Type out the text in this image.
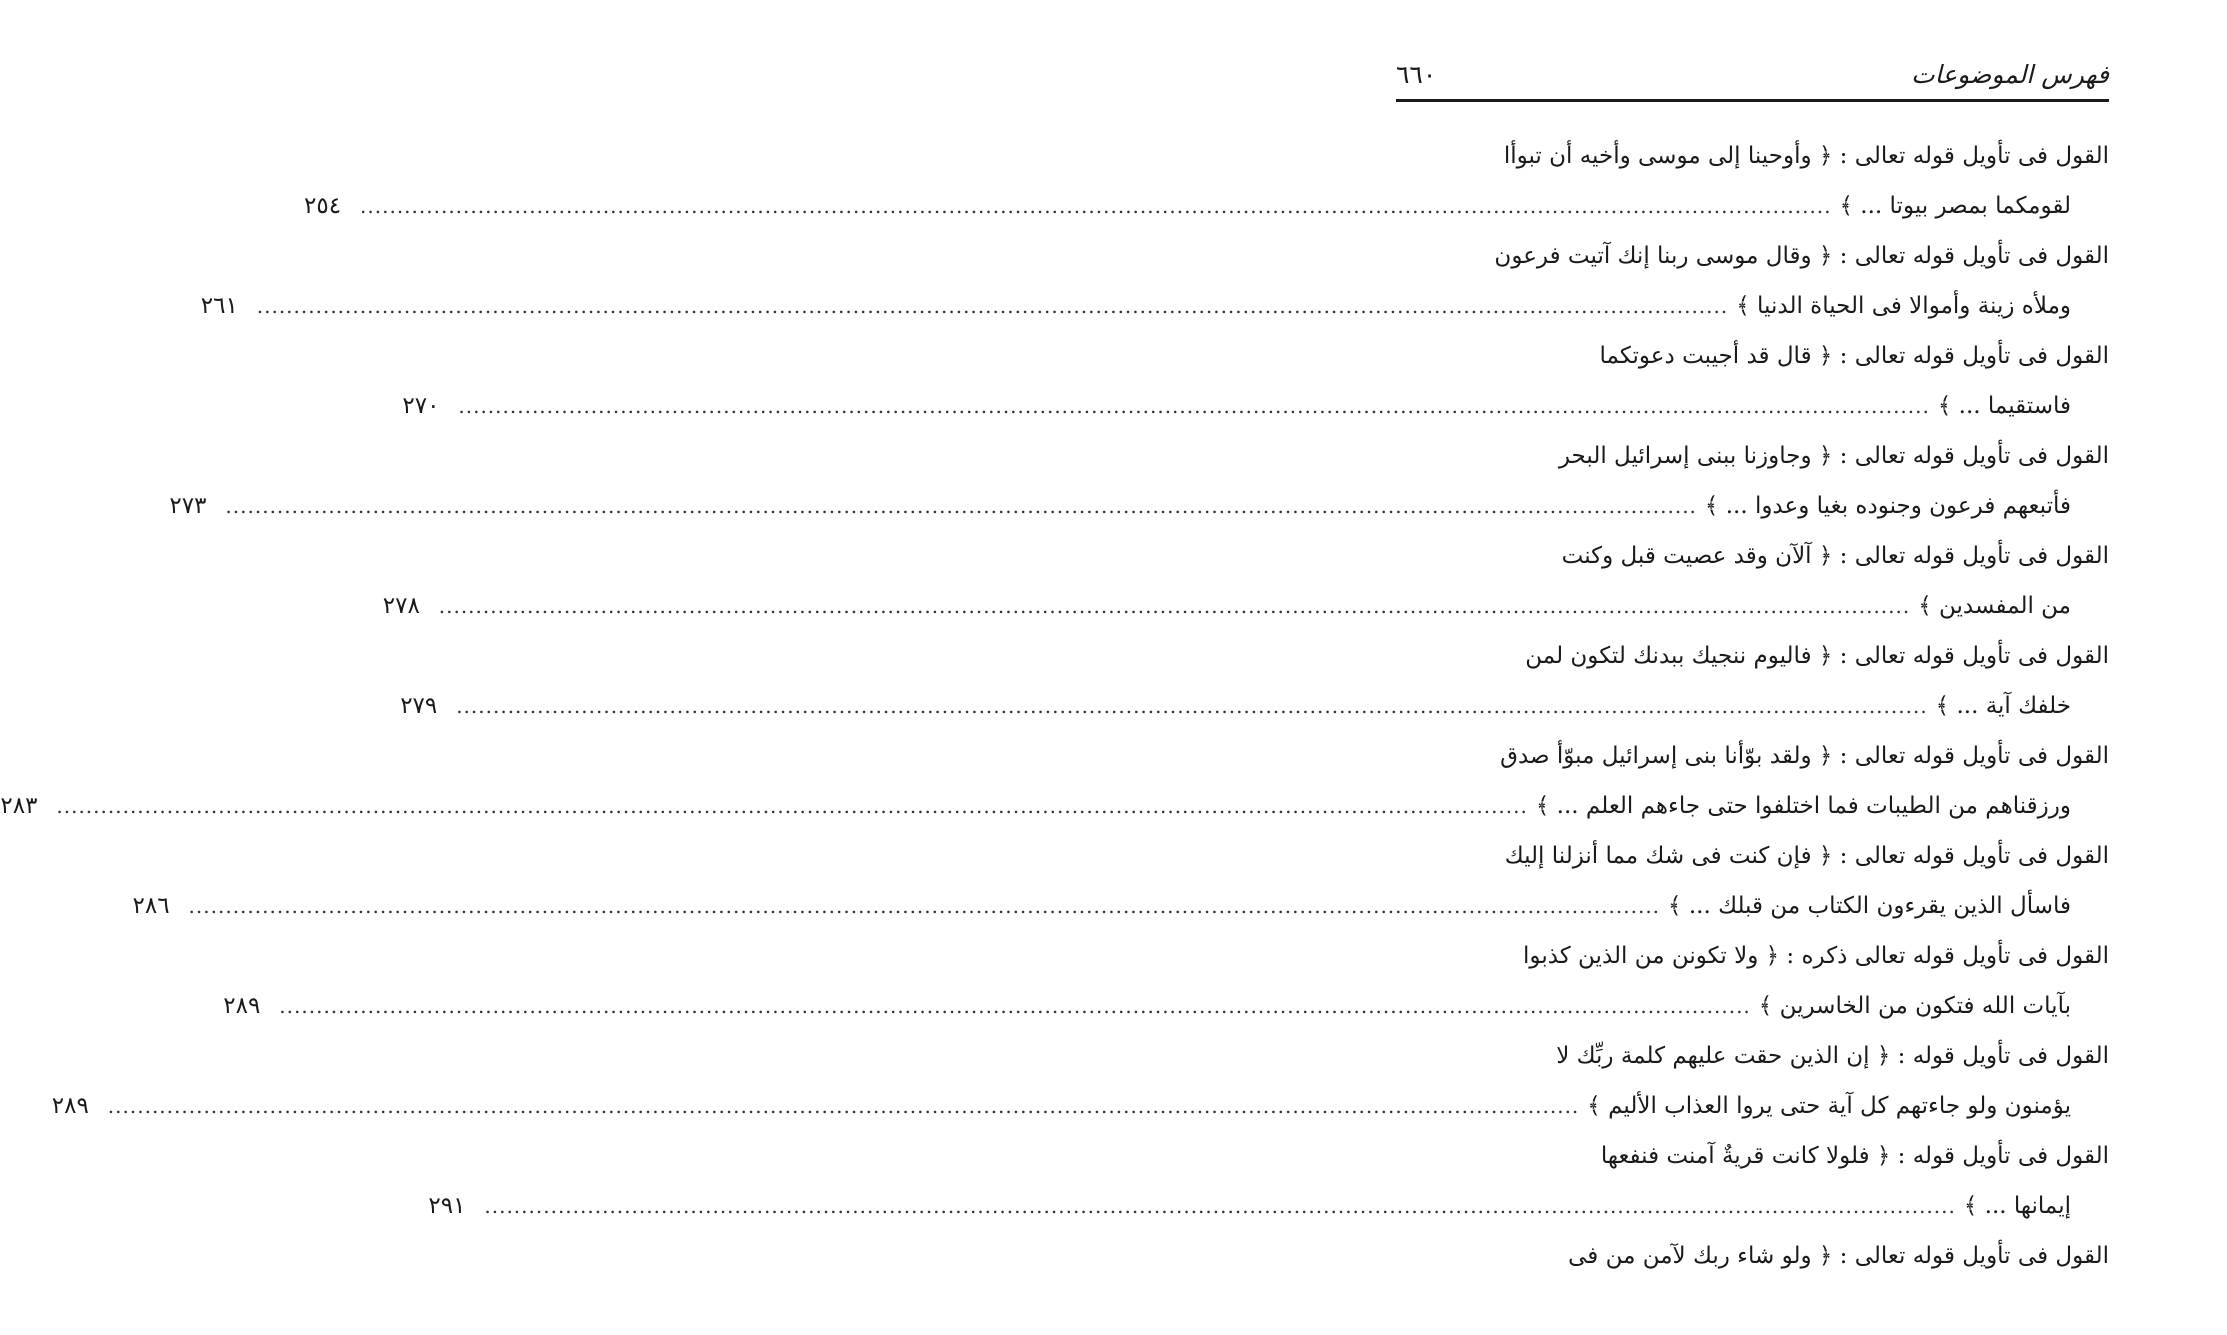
فهرس الموضوعات
٦٦٠
القول فى تأويل قوله تعالى : ﴿ وأوحينا إلى موسى وأخيه أن تبوأا
لقومكما بمصر بيوتا ... ﴾
........................................................................................................................................................................................................
٢٥٤
القول فى تأويل قوله تعالى : ﴿ وقال موسى ربنا إنك آتيت فرعون
وملأه زينة وأموالا فى الحياة الدنيا ﴾
........................................................................................................................................................................................................
٢٦١
القول فى تأويل قوله تعالى : ﴿ قال قد أجيبت دعوتكما
فاستقيما ... ﴾
........................................................................................................................................................................................................
٢٧٠
القول فى تأويل قوله تعالى : ﴿ وجاوزنا ببنى إسرائيل البحر
فأتبعهم فرعون وجنوده بغيا وعدوا ... ﴾
........................................................................................................................................................................................................
٢٧٣
القول فى تأويل قوله تعالى : ﴿ آلآن وقد عصيت قبل وكنت
من المفسدين ﴾
........................................................................................................................................................................................................
٢٧٨
القول فى تأويل قوله تعالى : ﴿ فاليوم ننجيك ببدنك لتكون لمن
خلفك آية ... ﴾
........................................................................................................................................................................................................
٢٧٩
القول فى تأويل قوله تعالى : ﴿ ولقد بوّأنا بنى إسرائيل مبوّأ صدق
ورزقناهم من الطيبات فما اختلفوا حتى جاءهم العلم ... ﴾
........................................................................................................................................................................................................
٢٨٣
القول فى تأويل قوله تعالى : ﴿ فإن كنت فى شك مما أنزلنا إليك
فاسأل الذين يقرءون الكتاب من قبلك ... ﴾
........................................................................................................................................................................................................
٢٨٦
القول فى تأويل قوله تعالى ذكره : ﴿ ولا تكونن من الذين كذبوا
بآيات الله فتكون من الخاسرين ﴾
........................................................................................................................................................................................................
٢٨٩
القول فى تأويل قوله : ﴿ إن الذين حقت عليهم كلمة ربِّك لا
يؤمنون ولو جاءتهم كل آية حتى يروا العذاب الأليم ﴾
........................................................................................................................................................................................................
٢٨٩
القول فى تأويل قوله : ﴿ فلولا كانت قريةٌ آمنت فنفعها
إيمانها ... ﴾
........................................................................................................................................................................................................
٢٩١
القول فى تأويل قوله تعالى : ﴿ ولو شاء ربك لآمن من فى
